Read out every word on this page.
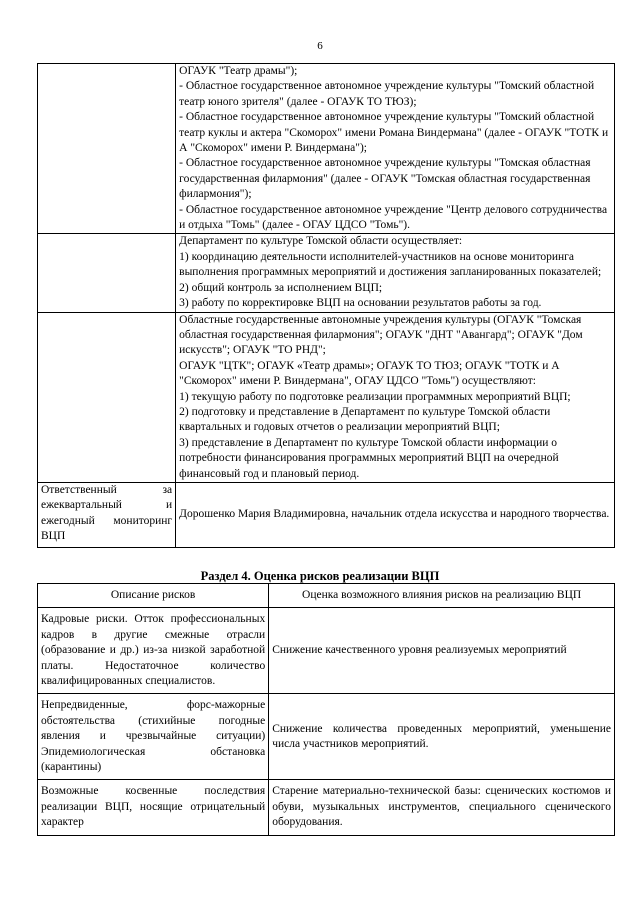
6

	ОГАУК "Театр драмы");

- Областное государственное автономное учреждение культуры "Томский областной театр юного зрителя" (далее - ОГАУК ТО ТЮЗ);

- Областное государственное автономное учреждение культуры "Томский областной театр куклы и актера "Скоморох" имени Романа Виндермана" (далее - ОГАУК "ТОТК и А "Скоморох" имени Р. Виндермана");

- Областное государственное автономное учреждение культуры "Томская областная государственная филармония" (далее - ОГАУК "Томская областная государственная филармония");

- Областное государственное автономное учреждение "Центр делового сотрудничества и отдыха "Томь" (далее - ОГАУ ЦДСО "Томь").

	Департамент по культуре Томской области осуществляет:

1) координацию деятельности исполнителей-участников на основе мониторинга выполнения программных мероприятий и достижения запланированных показателей;

2) общий контроль за исполнением ВЦП;

3) работу по корректировке ВЦП на основании результатов работы за год.

	Областные государственные автономные учреждения культуры (ОГАУК "Томская областная государственная филармония"; ОГАУК "ДНТ "Авангард"; ОГАУК "Дом искусств"; ОГАУК "ТО РНД";

ОГАУК "ЦТК"; ОГАУК «Театр драмы»; ОГАУК ТО ТЮЗ; ОГАУК "ТОТК и А "Скоморох" имени Р. Виндермана", ОГАУ ЦДСО "Томь") осуществляют:

1) текущую работу по подготовке реализации программных мероприятий ВЦП;

2) подготовку и представление в Департамент по культуре Томской области квартальных и годовых отчетов о реализации мероприятий ВЦП;

3) представление в Департамент по культуре Томской области информации о потребности финансирования программных мероприятий ВЦП на очередной финансовый год и плановый период.

Ответственный за ежеквартальный и ежегодный мониторинг ВЦП	Дорошенко Мария Владимировна, начальник отдела искусства и народного творчества.
Раздел 4. Оценка рисков реализации ВЦП
Описание рисков	Оценка возможного влияния рисков на реализацию ВЦП
Кадровые риски. Отток профессиональных кадров в другие смежные отрасли (образование и др.) из-за низкой заработной платы. Недостаточное количество квалифицированных специалистов.	Снижение качественного уровня реализуемых мероприятий
Непредвиденные, форс-мажорные обстоятельства (стихийные погодные явления и чрезвычайные ситуации) Эпидемиологическая обстановка (карантины)	Снижение количества проведенных мероприятий, уменьшение числа участников мероприятий.
Возможные косвенные последствия реализации ВЦП, носящие отрицательный характер	Старение материально-технической базы: сценических костюмов и обуви, музыкальных инструментов, специального сценического оборудования.
